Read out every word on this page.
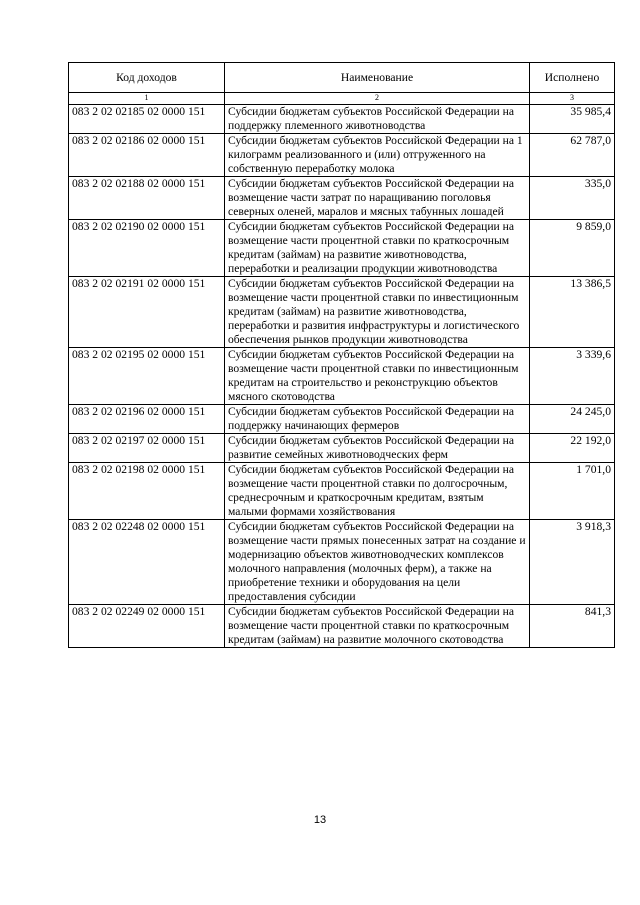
Код доходов	Наименование	Исполнено
1	2	3
083 2 02 02185 02 0000 151	Субсидии бюджетам субъектов Российской Федерации на поддержку племенного животноводства	35 985,4
083 2 02 02186 02 0000 151	Субсидии бюджетам субъектов Российской Федерации на 1 килограмм реализованного и (или) отгруженного на собственную переработку молока	62 787,0
083 2 02 02188 02 0000 151	Субсидии бюджетам субъектов Российской Федерации на возмещение части затрат по наращиванию поголовья северных оленей, маралов и мясных табунных лошадей	335,0
083 2 02 02190 02 0000 151	Субсидии бюджетам субъектов Российской Федерации на возмещение части процентной ставки по краткосрочным кредитам (займам) на развитие животноводства, переработки и реализации продукции животноводства	9 859,0
083 2 02 02191 02 0000 151	Субсидии бюджетам субъектов Российской Федерации на возмещение части процентной ставки по инвестиционным кредитам (займам) на развитие животноводства, переработки и развития инфраструктуры и логистического обеспечения рынков продукции животноводства	13 386,5
083 2 02 02195 02 0000 151	Субсидии бюджетам субъектов Российской Федерации на возмещение части процентной ставки по инвестиционным кредитам на строительство и реконструкцию объектов мясного скотоводства	3 339,6
083 2 02 02196 02 0000 151	Субсидии бюджетам субъектов Российской Федерации на поддержку начинающих фермеров	24 245,0
083 2 02 02197 02 0000 151	Субсидии бюджетам субъектов Российской Федерации на развитие семейных животноводческих ферм	22 192,0
083 2 02 02198 02 0000 151	Субсидии бюджетам субъектов Российской Федерации на возмещение части процентной ставки по долгосрочным, среднесрочным и краткосрочным кредитам, взятым малыми формами хозяйствования	1 701,0
083 2 02 02248 02 0000 151	Субсидии бюджетам субъектов Российской Федерации на возмещение части прямых понесенных затрат на создание и модернизацию объектов животноводческих комплексов молочного направления (молочных ферм), а также на приобретение техники и оборудования на цели предоставления субсидии	3 918,3
083 2 02 02249 02 0000 151	Субсидии бюджетам субъектов Российской Федерации на возмещение части процентной ставки по краткосрочным кредитам (займам) на развитие молочного скотоводства	841,3
13
